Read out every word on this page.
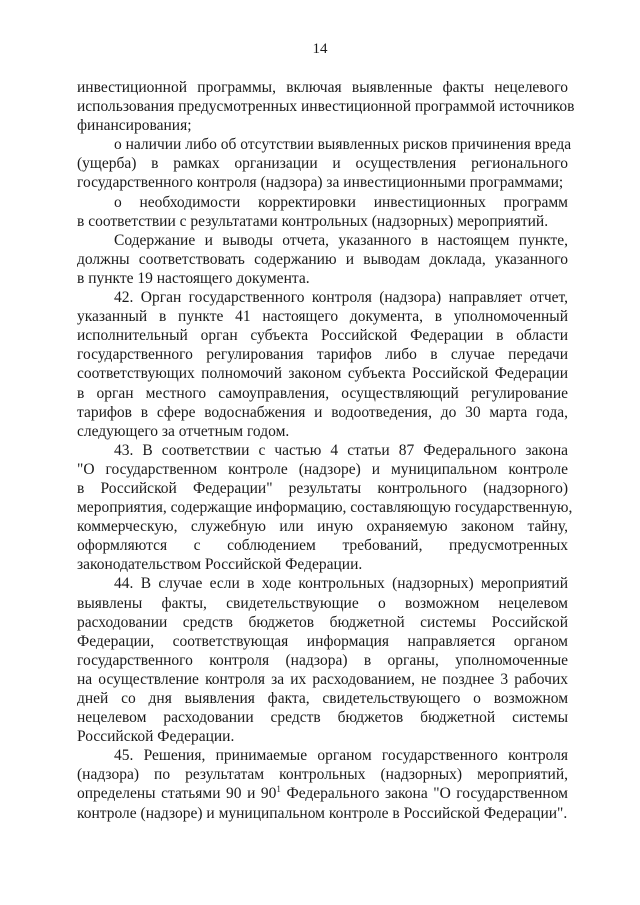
14
инвестиционной программы, включая выявленные факты нецелевого
использования предусмотренных инвестиционной программой источников
финансирования;
о наличии либо об отсутствии выявленных рисков причинения вреда
(ущерба) в рамках организации и осуществления регионального
государственного контроля (надзора) за инвестиционными программами;
о необходимости корректировки инвестиционных программ
в соответствии с результатами контрольных (надзорных) мероприятий.
Содержание и выводы отчета, указанного в настоящем пункте,
должны соответствовать содержанию и выводам доклада, указанного
в пункте 19 настоящего документа.
42. Орган государственного контроля (надзора) направляет отчет,
указанный в пункте 41 настоящего документа, в уполномоченный
исполнительный орган субъекта Российской Федерации в области
государственного регулирования тарифов либо в случае передачи
соответствующих полномочий законом субъекта Российской Федерации
в орган местного самоуправления, осуществляющий регулирование
тарифов в сфере водоснабжения и водоотведения, до 30 марта года,
следующего за отчетным годом.
43. В соответствии с частью 4 статьи 87 Федерального закона
"О государственном контроле (надзоре) и муниципальном контроле
в Российской Федерации" результаты контрольного (надзорного)
мероприятия, содержащие информацию, составляющую государственную,
коммерческую, служебную или иную охраняемую законом тайну,
оформляются с соблюдением требований, предусмотренных
законодательством Российской Федерации.
44. В случае если в ходе контрольных (надзорных) мероприятий
выявлены факты, свидетельствующие о возможном нецелевом
расходовании средств бюджетов бюджетной системы Российской
Федерации, соответствующая информация направляется органом
государственного контроля (надзора) в органы, уполномоченные
на осуществление контроля за их расходованием, не позднее 3 рабочих
дней со дня выявления факта, свидетельствующего о возможном
нецелевом расходовании средств бюджетов бюджетной системы
Российской Федерации.
45. Решения, принимаемые органом государственного контроля
(надзора) по результатам контрольных (надзорных) мероприятий,
определены статьями 90 и $90^1$ Федерального закона "О государственном
контроле (надзоре) и муниципальном контроле в Российской Федерации".
